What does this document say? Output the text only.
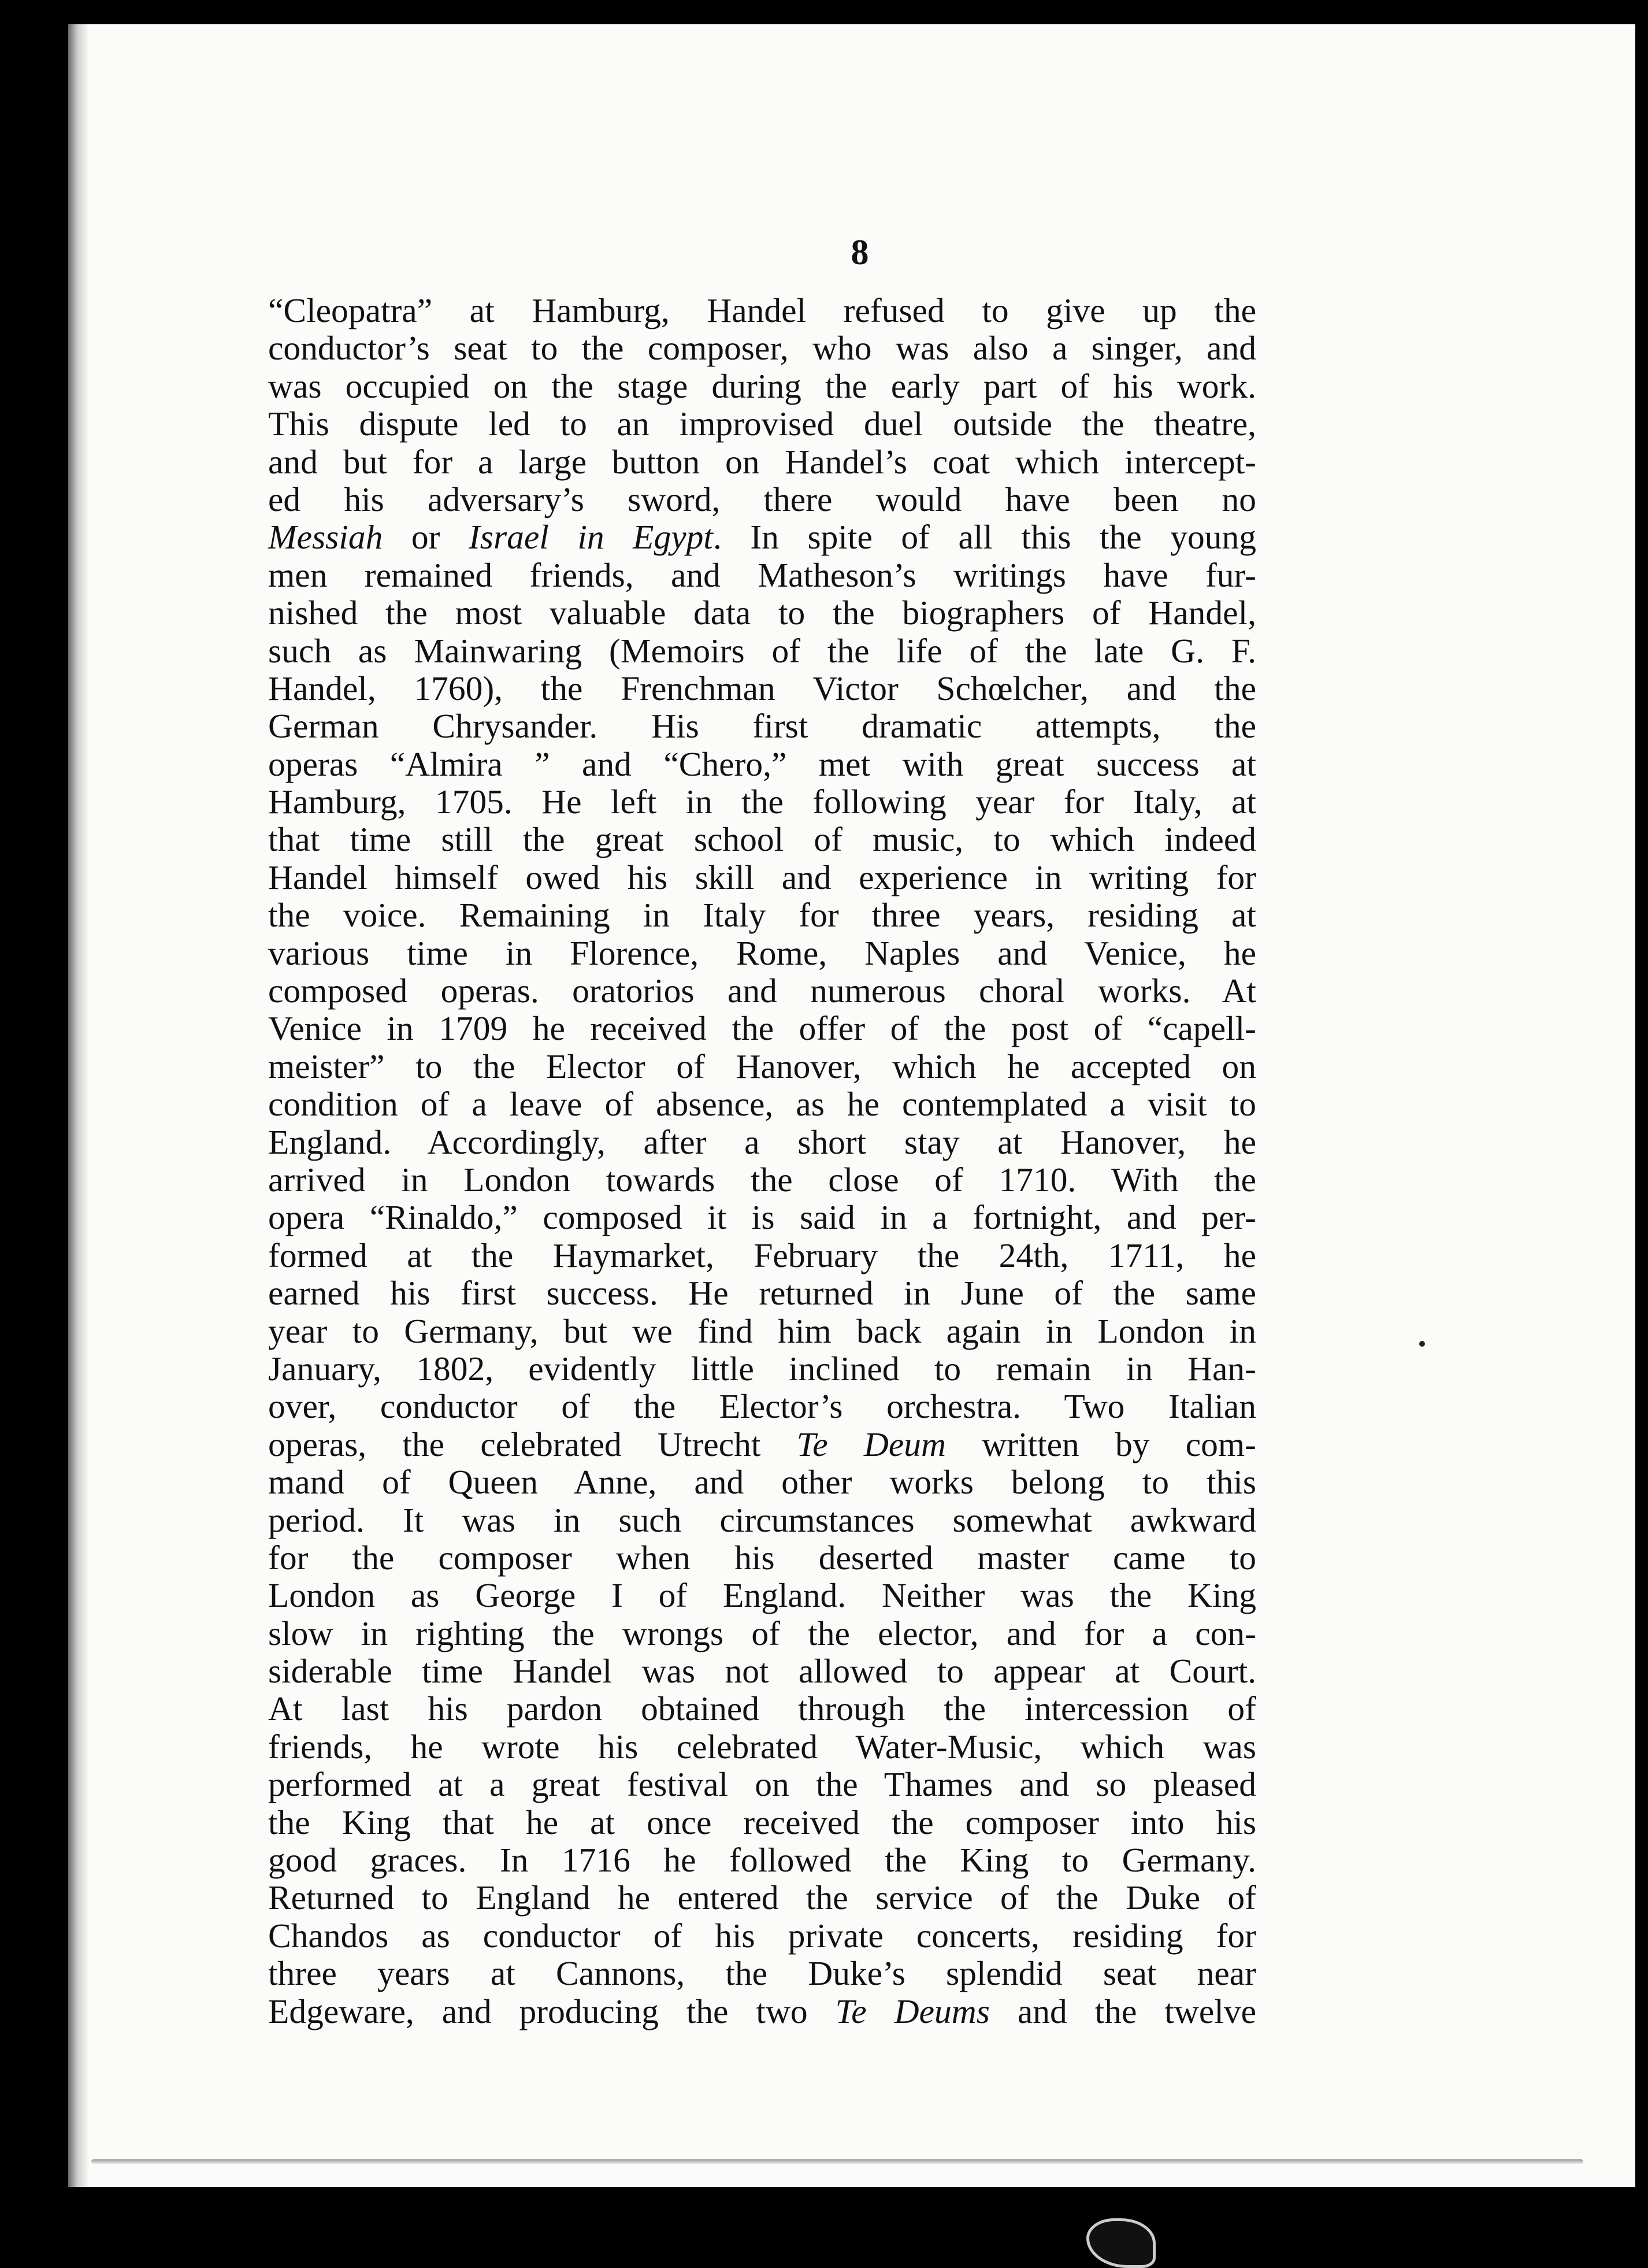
8
“Cleopatra” at Hamburg, Handel refused to give up the
conductor’s seat to the composer, who was also a singer, and
was occupied on the stage during the early part of his work.
This dispute led to an improvised duel outside the theatre,
and but for a large button on Handel’s coat which intercept-
ed his adversary’s sword, there would have been no
Messiah or Israel in Egypt. In spite of all this the young
men remained friends, and Matheson’s writings have fur-
nished the most valuable data to the biographers of Handel,
such as Mainwaring (Memoirs of the life of the late G. F.
Handel, 1760), the Frenchman Victor Schœlcher, and the
German Chrysander. His first dramatic attempts, the
operas “Almira ” and “Chero,” met with great success at
Hamburg, 1705. He left in the following year for Italy, at
that time still the great school of music, to which indeed
Handel himself owed his skill and experience in writing for
the voice. Remaining in Italy for three years, residing at
various time in Florence, Rome, Naples and Venice, he
composed operas. oratorios and numerous choral works. At
Venice in 1709 he received the offer of the post of “capell-
meister” to the Elector of Hanover, which he accepted on
condition of a leave of absence, as he contemplated a visit to
England. Accordingly, after a short stay at Hanover, he
arrived in London towards the close of 1710. With the
opera “Rinaldo,” composed it is said in a fortnight, and per-
formed at the Haymarket, February the 24th, 1711, he
earned his first success. He returned in June of the same
year to Germany, but we find him back again in London in
January, 1802, evidently little inclined to remain in Han-
over, conductor of the Elector’s orchestra. Two Italian
operas, the celebrated Utrecht Te Deum written by com-
mand of Queen Anne, and other works belong to this
period. It was in such circumstances somewhat awkward
for the composer when his deserted master came to
London as George I of England. Neither was the King
slow in righting the wrongs of the elector, and for a con-
siderable time Handel was not allowed to appear at Court.
At last his pardon obtained through the intercession of
friends, he wrote his celebrated Water-Music, which was
performed at a great festival on the Thames and so pleased
the King that he at once received the composer into his
good graces. In 1716 he followed the King to Germany.
Returned to England he entered the service of the Duke of
Chandos as conductor of his private concerts, residing for
three years at Cannons, the Duke’s splendid seat near
Edgeware, and producing the two Te Deums and the twelve
